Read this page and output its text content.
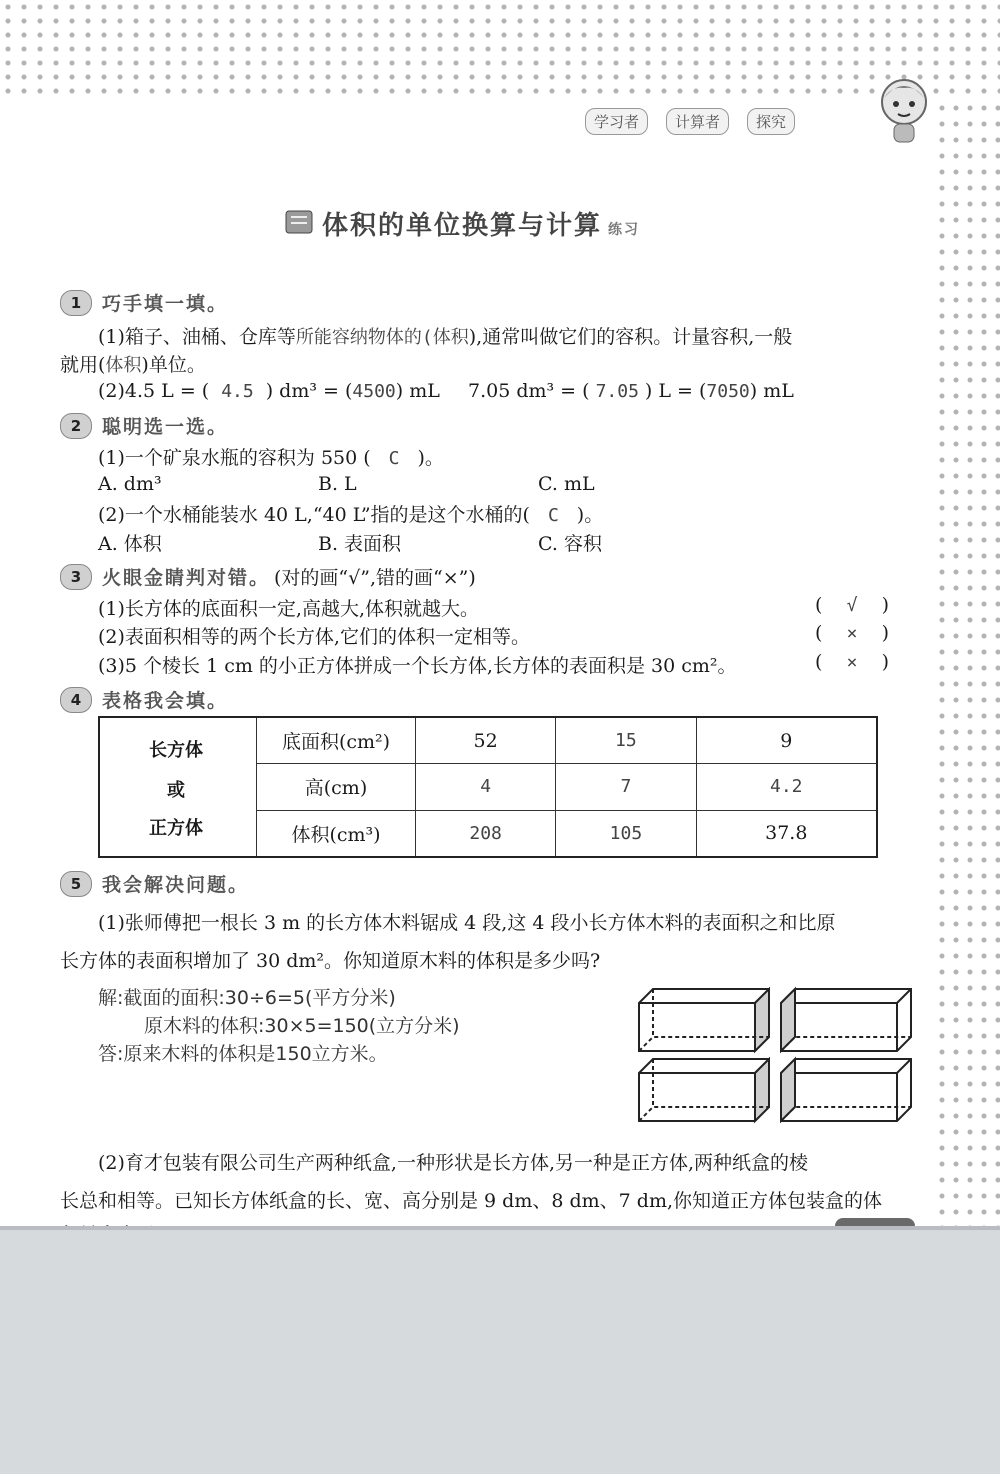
学习者	计算者	探究
体积的单位换算与计算 练习
1	巧手填一填。
(1)箱子、油桶、仓库等所能容纳物体的(体积),通常叫做它们的容积。计量容积,一般
就用(体积)单位。
(2)4.5 L = ( 4.5 ) dm³ = (4500) mL 7.05 dm³ = ( 7.05 ) L = (7050) mL
2	聪明选一选。
(1)一个矿泉水瓶的容积为 550 ( C )。
A. dm³	B. L	C. mL
(2)一个水桶能装水 40 L,“40 L”指的是这个水桶的( C )。
A. 体积	B. 表面积	C. 容积
3	火眼金睛判对错。 (对的画“√”,错的画“×”)
(1)长方体的底面积一定,高越大,体积就越大。	(    √    )
(2)表面积相等的两个长方体,它们的体积一定相等。	(    ×    )
(3)5 个棱长 1 cm 的小正方体拼成一个长方体,长方体的表面积是 30 cm²。	(    ×    )
4	表格我会填。
	底面积(cm²)	52	15	9
	高(cm)	4	7	4.2
	体积(cm³)	208	105	37.8
长方体
或
正方体
5	我会解决问题。
(1)张师傅把一根长 3 m 的长方体木料锯成 4 段,这 4 段小长方体木料的表面积之和比原
长方体的表面积增加了 30 dm²。你知道原木料的体积是多少吗?
解:截面的面积:30÷6=5(平方分米)
原木料的体积:30×5=150(立方分米)
答:原来木料的体积是150立方米。
(2)育才包装有限公司生产两种纸盒,一种形状是长方体,另一种是正方体,两种纸盒的棱
长总和相等。已知长方体纸盒的长、宽、高分别是 9 dm、8 dm、7 dm,你知道正方体包装盒的体
